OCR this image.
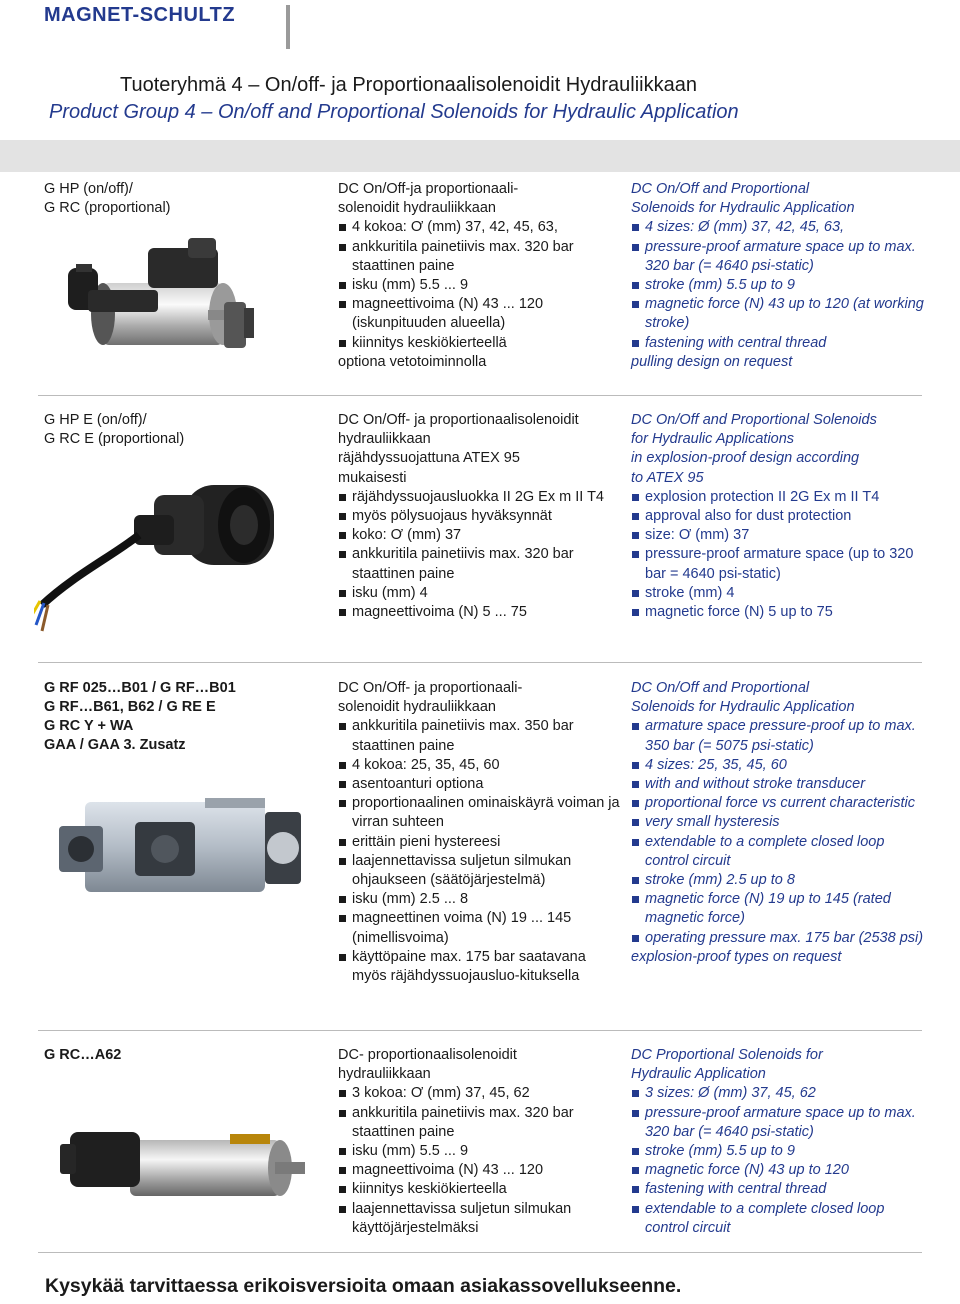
MAGNET-SCHULTZ
Tuoteryhmä 4 – On/off- ja Proportionaalisolenoidit Hydrauliikkaan
Product Group 4 – On/off and Proportional Solenoids for Hydraulic Application
G HP (on/off)/
G RC (proportional)
DC On/Off-ja proportionaali-
solenoidit hydrauliikkaan
4 kokoa: Ơ (mm) 37, 42, 45, 63,
ankkuritila painetiivis max. 320 bar staattinen paine
isku (mm) 5.5 ... 9
magneettivoima (N) 43 ... 120 (iskunpituuden alueella)
kiinnitys keskiökierteellä
optiona vetotoiminnolla
DC On/Off and Proportional
Solenoids for Hydraulic Application
4 sizes: Ø (mm) 37, 42, 45, 63,
pressure-proof armature space up to max. 320 bar (= 4640 psi-static)
stroke (mm) 5.5 up to 9
magnetic force (N) 43 up to 120 (at working stroke)
fastening with central thread
pulling design on request
G HP E (on/off)/
G RC E (proportional)
DC On/Off- ja proportionaalisolenoidit
hydrauliikkaan
räjähdyssuojattuna ATEX 95
mukaisesti
räjähdyssuojausluokka II 2G Ex m II T4
myös pölysuojaus hyväksynnät
koko: Ơ (mm) 37
ankkuritila painetiivis max. 320 bar staattinen paine
isku (mm) 4
magneettivoima (N) 5 ... 75
DC On/Off and Proportional Solenoids
for Hydraulic Applications
in explosion-proof design according
to ATEX 95
explosion protection II 2G Ex m II T4
approval also for dust protection
size: Ơ (mm) 37
pressure-proof armature space (up to 320 bar = 4640 psi-static)
stroke (mm) 4
magnetic force (N) 5 up to 75
G RF 025…B01 / G RF…B01
G RF…B61, B62 / G RE E
G RC Y + WA
GAA / GAA 3. Zusatz
DC On/Off- ja proportionaali-
solenoidit hydrauliikkaan
ankkuritila painetiivis max. 350 bar staattinen paine
4 kokoa: 25, 35, 45, 60
asentoanturi optiona
proportionaalinen ominaiskäyrä voiman ja virran suhteen
erittäin pieni hystereesi
laajennettavissa suljetun silmukan ohjaukseen (säätöjärjestelmä)
isku (mm) 2.5 ... 8
magneettinen voima (N) 19 ... 145 (nimellisvoima)
käyttöpaine max. 175 bar saatavana myös räjähdyssuojausluo-kituksella
DC On/Off and Proportional
Solenoids for Hydraulic Application
armature space pressure-proof up to max. 350 bar (= 5075 psi-static)
4 sizes: 25, 35, 45, 60
with and without stroke transducer
proportional force vs current characteristic
very small hysteresis
extendable to a complete closed loop control circuit
stroke (mm) 2.5 up to 8
magnetic force (N) 19 up to 145 (rated magnetic force)
operating pressure max. 175 bar (2538 psi)
explosion-proof types on request
G RC…A62	DC- proportionaalisolenoidit
hydrauliikkaan
3 kokoa: Ơ (mm) 37, 45, 62
ankkuritila painetiivis max. 320 bar staattinen paine
isku (mm) 5.5 ... 9
magneettivoima (N) 43 ... 120
kiinnitys keskiökierteella
laajennettavissa suljetun silmukan käyttöjärjestelmäksi
DC Proportional Solenoids for
Hydraulic Application
3 sizes: Ø (mm) 37, 45, 62
pressure-proof armature space up to max. 320 bar (= 4640 psi-static)
stroke (mm) 5.5 up to 9
magnetic force (N) 43 up to 120
fastening with central thread
extendable to a complete closed loop control circuit
Kysykää tarvittaessa erikoisversioita omaan asiakassovellukseenne.
